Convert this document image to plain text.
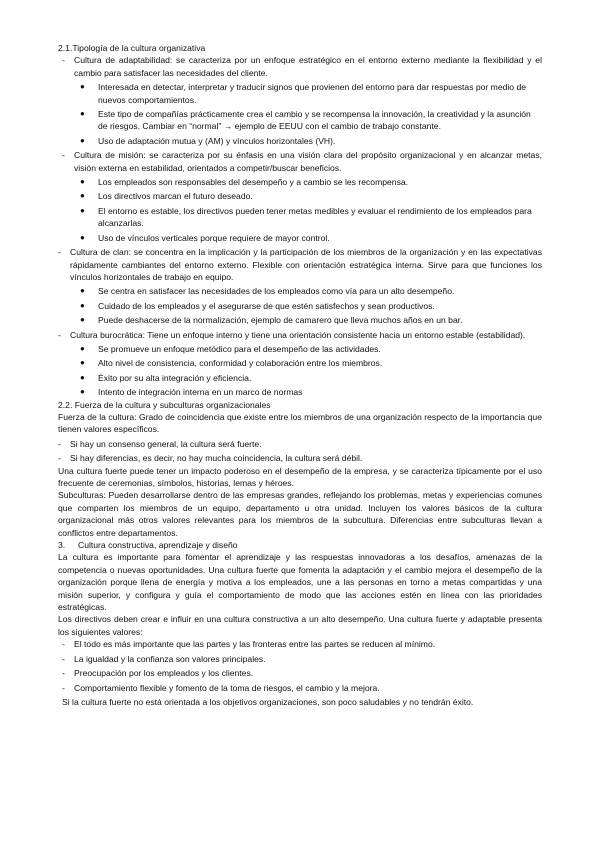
2.1.Tipología de la cultura organizativa

- Cultura de adaptabilidad: se caracteriza por un enfoque estratégico en el entorno externo mediante la flexibilidad y el cambio para satisfacer las necesidades del cliente.
● Interesada en detectar, interpretar y traducir signos que provienen del entorno para dar respuestas por medio de nuevos comportamientos.
● Este tipo de compañías prácticamente crea el cambio y se recompensa la innovación, la creatividad y la asunción de riesgos. Cambiar en “normal” → ejemplo de EEUU con el cambio de trabajo constante.
● Uso de adaptación mutua y (AM) y vínculos horizontales (VH).
- Cultura de misión: se caracteriza por su énfasis en una visión clara del propósito organizacional y en alcanzar metas, visión externa en estabilidad, orientados a competir/buscar beneficios.
● Los empleados son responsables del desempeño y a cambio se les recompensa.
● Los directivos marcan el futuro deseado.
● El entorno es estable, los directivos pueden tener metas medibles y evaluar el rendimiento de los empleados para alcanzarlas.
● Uso de vínculos verticales porque requiere de mayor control.
- Cultura de clan: se concentra en la implicación y la participación de los miembros de la organización y en las expectativas rápidamente cambiantes del entorno externo. Flexible con orientación estratégica interna. Sirve para que funciones los vínculos horizontales de trabajo en equipo.
● Se centra en satisfacer las necesidades de los empleados como vía para un alto desempeño.
● Cuidado de los empleados y el asegurarse de que estén satisfechos y sean productivos.
● Puede deshacerse de la normalización, ejemplo de camarero que lleva muchos años en un bar.
- Cultura burocrática: Tiene un enfoque interno y tiene una orientación consistente hacia un entorno estable (estabilidad).
● Se promueve un enfoque metódico para el desempeño de las actividades.
● Alto nivel de consistencia, conformidad y colaboración entre los miembros.
● Éxito por su alta integración y eficiencia.
● Intento de integración interna en un marco de normas

2.2. Fuerza de la cultura y subculturas organizacionales

Fuerza de la cultura: Grado de coincidencia que existe entre los miembros de una organización respecto de la importancia que tienen valores específicos.

- Si hay un consenso general, la cultura será fuerte.
- Si hay diferencias, es decir, no hay mucha coincidencia, la cultura será débil.

Una cultura fuerte puede tener un impacto poderoso en el desempeño de la empresa, y se caracteriza típicamente por el uso frecuente de ceremonias, símbolos, historias, lemas y héroes.

Subculturas: Pueden desarrollarse dentro de las empresas grandes, reflejando los problemas, metas y experiencias comunes que comparten los miembros de un equipo, departamento u otra unidad. Incluyen los valores básicos de la cultura organizacional más otros valores relevantes para los miembros de la subcultura. Diferencias entre subculturas llevan a conflictos entre departamentos.

3. Cultura constructiva, aprendizaje y diseño

La cultura es importante para fomentar el aprendizaje y las respuestas innovadoras a los desafíos, amenazas de la competencia o nuevas oportunidades. Una cultura fuerte que fomenta la adaptación y el cambio mejora el desempeño de la organización porque llena de energía y motiva a los empleados, une a las personas en torno a metas compartidas y una misión superior, y configura y guía el comportamiento de modo que las acciones estén en línea con las prioridades estratégicas.

Los directivos deben crear e influir en una cultura constructiva a un alto desempeño. Una cultura fuerte y adaptable presenta los siguientes valores:

- El todo es más importante que las partes y las fronteras entre las partes se reducen al mínimo.
- La igualdad y la confianza son valores principales.
- Preocupación por los empleados y los clientes.
- Comportamiento flexible y fomento de la toma de riesgos, el cambio y la mejora.

Si la cultura fuerte no está orientada a los objetivos organizaciones, son poco saludables y no tendrán éxito.
